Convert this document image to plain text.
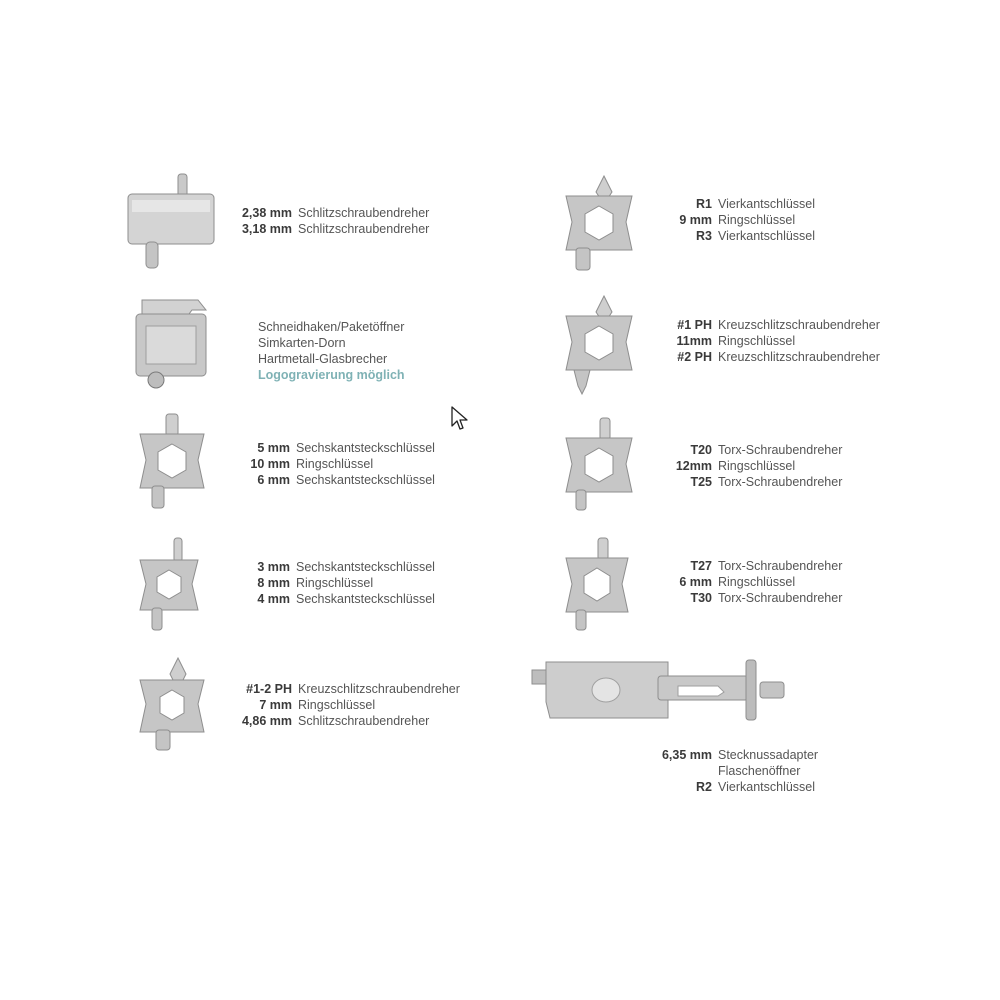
2,38 mm Schlitzschraubendreher
3,18 mm Schlitzschraubendreher
Schneidhaken/Paketöffner
Simkarten-Dorn
Hartmetall-Glasbrecher
Logogravierung möglich
5 mm Sechskantsteckschlüssel
10 mm Ringschlüssel
6 mm Sechskantsteckschlüssel
3 mm Sechskantsteckschlüssel
8 mm Ringschlüssel
4 mm Sechskantsteckschlüssel
#1-2 PH Kreuzschlitzschraubendreher
7 mm Ringschlüssel
4,86 mm Schlitzschraubendreher
R1 Vierkantschlüssel
9 mm Ringschlüssel
R3 Vierkantschlüssel
#1 PH Kreuzschlitzschraubendreher
11mm Ringschlüssel
#2 PH Kreuzschlitzschraubendreher
T20 Torx-Schraubendreher
12mm Ringschlüssel
T25 Torx-Schraubendreher
T27 Torx-Schraubendreher
6 mm Ringschlüssel
T30 Torx-Schraubendreher
6,35 mm Stecknussadapter
Flaschenöffner
R2 Vierkantschlüssel
